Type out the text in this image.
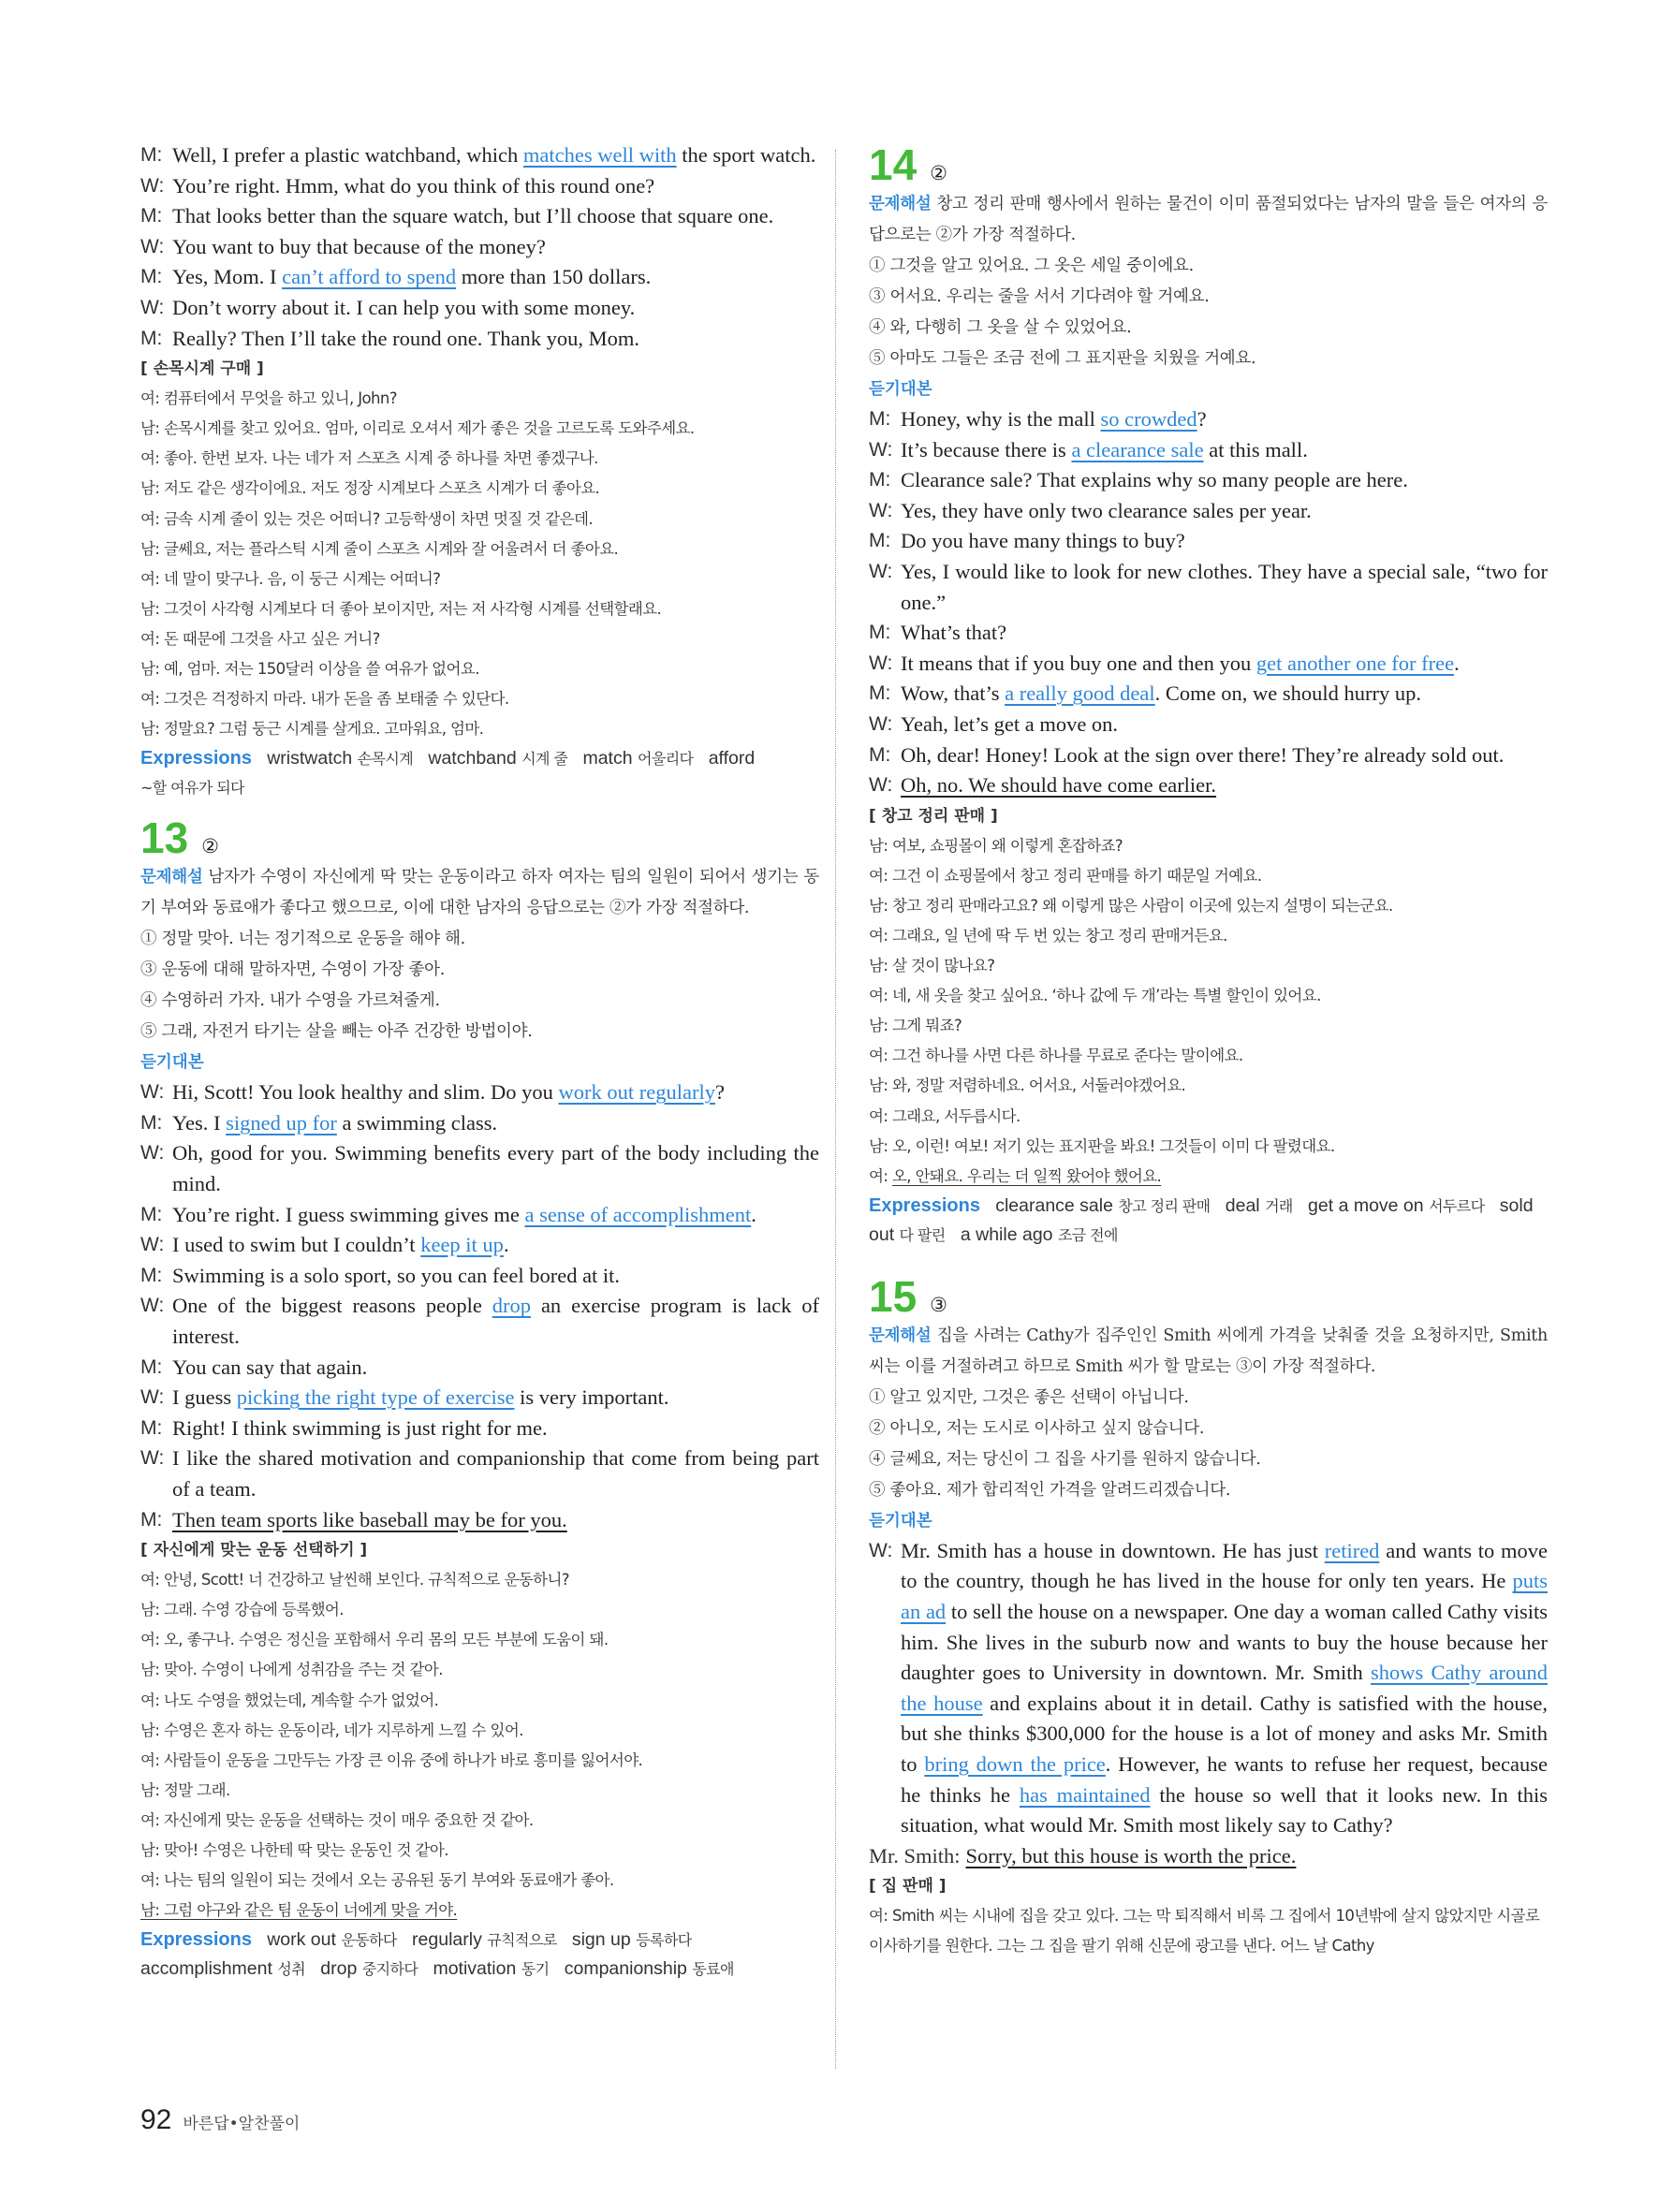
M: Well, I prefer a plastic watchband, which matches well with the sport watch.
W: You’re right. Hmm, what do you think of this round one?
M: That looks better than the square watch, but I’ll choose that square one.
W: You want to buy that because of the money?
M: Yes, Mom. I can’t afford to spend more than 150 dollars.
W: Don’t worry about it. I can help you with some money.
M: Really? Then I’ll take the round one. Thank you, Mom.
[ 손목시계 구매 ]
여: 컴퓨터에서 무엇을 하고 있니, John?
남: 손목시계를 찾고 있어요. 엄마, 이리로 오셔서 제가 좋은 것을 고르도록 도와주세요.
여: 좋아. 한번 보자. 나는 네가 저 스포츠 시계 중 하나를 차면 좋겠구나.
남: 저도 같은 생각이에요. 저도 정장 시계보다 스포츠 시계가 더 좋아요.
여: 금속 시계 줄이 있는 것은 어떠니? 고등학생이 차면 멋질 것 같은데.
남: 글쎄요, 저는 플라스틱 시계 줄이 스포츠 시계와 잘 어울려서 더 좋아요.
여: 네 말이 맞구나. 음, 이 둥근 시계는 어떠니?
남: 그것이 사각형 시계보다 더 좋아 보이지만, 저는 저 사각형 시계를 선택할래요.
여: 돈 때문에 그것을 사고 싶은 거니?
남: 예, 엄마. 저는 150달러 이상을 쓸 여유가 없어요.
여: 그것은 걱정하지 마라. 내가 돈을 좀 보태줄 수 있단다.
남: 정말요? 그럼 둥근 시계를 살게요. 고마워요, 엄마.
Expressions wristwatch 손목시계 watchband 시계 줄 match 어울리다 afford
~할 여유가 되다
13 ②
문제해설 남자가 수영이 자신에게 딱 맞는 운동이라고 하자 여자는 팀의 일원이 되어서 생기는 동기 부여와 동료애가 좋다고 했으므로, 이에 대한 남자의 응답으로는 ②가 가장 적절하다.
① 정말 맞아. 너는 정기적으로 운동을 해야 해.
③ 운동에 대해 말하자면, 수영이 가장 좋아.
④ 수영하러 가자. 내가 수영을 가르쳐줄게.
⑤ 그래, 자전거 타기는 살을 빼는 아주 건강한 방법이야.
듣기대본
W: Hi, Scott! You look healthy and slim. Do you work out regularly?
M: Yes. I signed up for a swimming class.
W: Oh, good for you. Swimming benefits every part of the body including the mind.
M: You’re right. I guess swimming gives me a sense of accomplishment.
W: I used to swim but I couldn’t keep it up.
M: Swimming is a solo sport, so you can feel bored at it.
W: One of the biggest reasons people drop an exercise program is lack of interest.
M: You can say that again.
W: I guess picking the right type of exercise is very important.
M: Right! I think swimming is just right for me.
W: I like the shared motivation and companionship that come from being part of a team.
M: Then team sports like baseball may be for you.
[ 자신에게 맞는 운동 선택하기 ]
여: 안녕, Scott! 너 건강하고 날씬해 보인다. 규칙적으로 운동하니?
남: 그래. 수영 강습에 등록했어.
여: 오, 좋구나. 수영은 정신을 포함해서 우리 몸의 모든 부분에 도움이 돼.
남: 맞아. 수영이 나에게 성취감을 주는 것 같아.
여: 나도 수영을 했었는데, 계속할 수가 없었어.
남: 수영은 혼자 하는 운동이라, 네가 지루하게 느낄 수 있어.
여: 사람들이 운동을 그만두는 가장 큰 이유 중에 하나가 바로 흥미를 잃어서야.
남: 정말 그래.
여: 자신에게 맞는 운동을 선택하는 것이 매우 중요한 것 같아.
남: 맞아! 수영은 나한테 딱 맞는 운동인 것 같아.
여: 나는 팀의 일원이 되는 것에서 오는 공유된 동기 부여와 동료애가 좋아.
남: 그럼 야구와 같은 팀 운동이 너에게 맞을 거야.
Expressions work out 운동하다 regularly 규칙적으로 sign up 등록하다   accomplishment 성취 drop 중지하다 motivation 동기 companionship 동료애
14 ②
문제해설 창고 정리 판매 행사에서 원하는 물건이 이미 품절되었다는 남자의 말을 들은 여자의 응답으로는 ②가 가장 적절하다.
① 그것을 알고 있어요. 그 옷은 세일 중이에요.
③ 어서요. 우리는 줄을 서서 기다려야 할 거예요.
④ 와, 다행히 그 옷을 살 수 있었어요.
⑤ 아마도 그들은 조금 전에 그 표지판을 치웠을 거예요.
듣기대본
M: Honey, why is the mall so crowded?
W: It’s because there is a clearance sale at this mall.
M: Clearance sale? That explains why so many people are here.
W: Yes, they have only two clearance sales per year.
M: Do you have many things to buy?
W: Yes, I would like to look for new clothes. They have a special sale, “two for one.”
M: What’s that?
W: It means that if you buy one and then you get another one for free.
M: Wow, that’s a really good deal. Come on, we should hurry up.
W: Yeah, let’s get a move on.
M: Oh, dear! Honey! Look at the sign over there! They’re already sold out.
W: Oh, no. We should have come earlier.
[ 창고 정리 판매 ]
남: 여보, 쇼핑몰이 왜 이렇게 혼잡하죠?
여: 그건 이 쇼핑몰에서 창고 정리 판매를 하기 때문일 거예요.
남: 창고 정리 판매라고요? 왜 이렇게 많은 사람이 이곳에 있는지 설명이 되는군요.
여: 그래요, 일 년에 딱 두 번 있는 창고 정리 판매거든요.
남: 살 것이 많나요?
여: 네, 새 옷을 찾고 싶어요. ‘하나 값에 두 개’라는 특별 할인이 있어요.
남: 그게 뭐죠?
여: 그건 하나를 사면 다른 하나를 무료로 준다는 말이에요.
남: 와, 정말 저렴하네요. 어서요, 서둘러야겠어요.
여: 그래요, 서두릅시다.
남: 오, 이런! 여보! 저기 있는 표지판을 봐요! 그것들이 이미 다 팔렸대요.
여: 오, 안돼요. 우리는 더 일찍 왔어야 했어요.
Expressions clearance sale 창고 정리 판매 deal 거래 get a move on 서두르다 sold out 다 팔린 a while ago 조금 전에
15 ③
문제해설 집을 사려는 Cathy가 집주인인 Smith 씨에게 가격을 낮춰줄 것을 요청하지만, Smith 씨는 이를 거절하려고 하므로 Smith 씨가 할 말로는 ③이 가장 적절하다.
① 알고 있지만, 그것은 좋은 선택이 아닙니다.
② 아니오, 저는 도시로 이사하고 싶지 않습니다.
④ 글쎄요, 저는 당신이 그 집을 사기를 원하지 않습니다.
⑤ 좋아요. 제가 합리적인 가격을 알려드리겠습니다.
듣기대본
W: Mr. Smith has a house in downtown. He has just retired and wants to move to the country, though he has lived in the house for only ten years. He puts an ad to sell the house on a newspaper. One day a woman called Cathy visits him. She lives in the suburb now and wants to buy the house because her daughter goes to University in downtown. Mr. Smith shows Cathy around the house and explains about it in detail. Cathy is satisfied with the house, but she thinks $300,000 for the house is a lot of money and asks Mr. Smith to bring down the price. However, he wants to refuse her request, because he thinks he has maintained the house so well that it looks new. In this situation, what would Mr. Smith most likely say to Cathy?
Mr. Smith: Sorry, but this house is worth the price.
[ 집 판매 ]
여: Smith 씨는 시내에 집을 갖고 있다. 그는 막 퇴직해서 비록 그 집에서 10년밖에 살지 않았지만 시골로 이사하기를 원한다. 그는 그 집을 팔기 위해 신문에 광고를 낸다. 어느 날 Cathy
92 바른답•알찬풀이
